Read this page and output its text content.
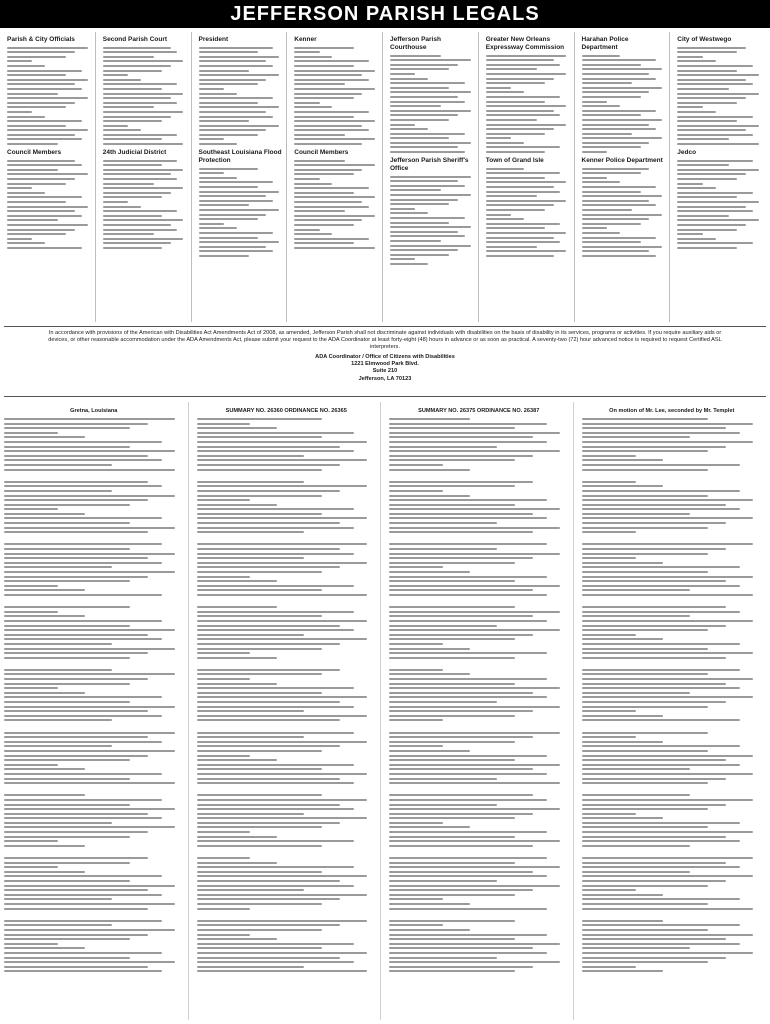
JEFFERSON PARISH LEGALS
Parish & City Officials
Council Members
Second Parish Court
24th Judicial District
President
Southeast Louisiana Flood Protection
Kenner
Council Members
Jefferson Parish Courthouse
Jefferson Parish Sheriff's Office
Greater New Orleans Expressway Commission
Town of Grand Isle
Harahan Police Department
Kenner Police Department
City of Westwego
Jedco
In accordance with provisions of the American with Disabilities Act Amendments Act of 2008, as amended, Jefferson Parish shall not discriminate against individuals with disabilities on the basis of disability in its services, programs or activities. If you require auxiliary aids or devices, or other reasonable accommodation under the ADA Amendments Act, please submit your request to the ADA Coordinator at least forty-eight (48) hours in advance or as soon as practical. A seventy-two (72) hour advanced notice is required to request Certified ASL interpreters.
ADA Coordinator / Office of Citizens with Disabilities
1221 Elmwood Park Blvd.
Suite 210
Jefferson, LA 70123
Gretna, Louisiana	SUMMARY NO. 26360 ORDINANCE NO. 26365	SUMMARY NO. 26375 ORDINANCE NO. 26387	On motion of Mr. Lee, seconded by Mr. Templet
